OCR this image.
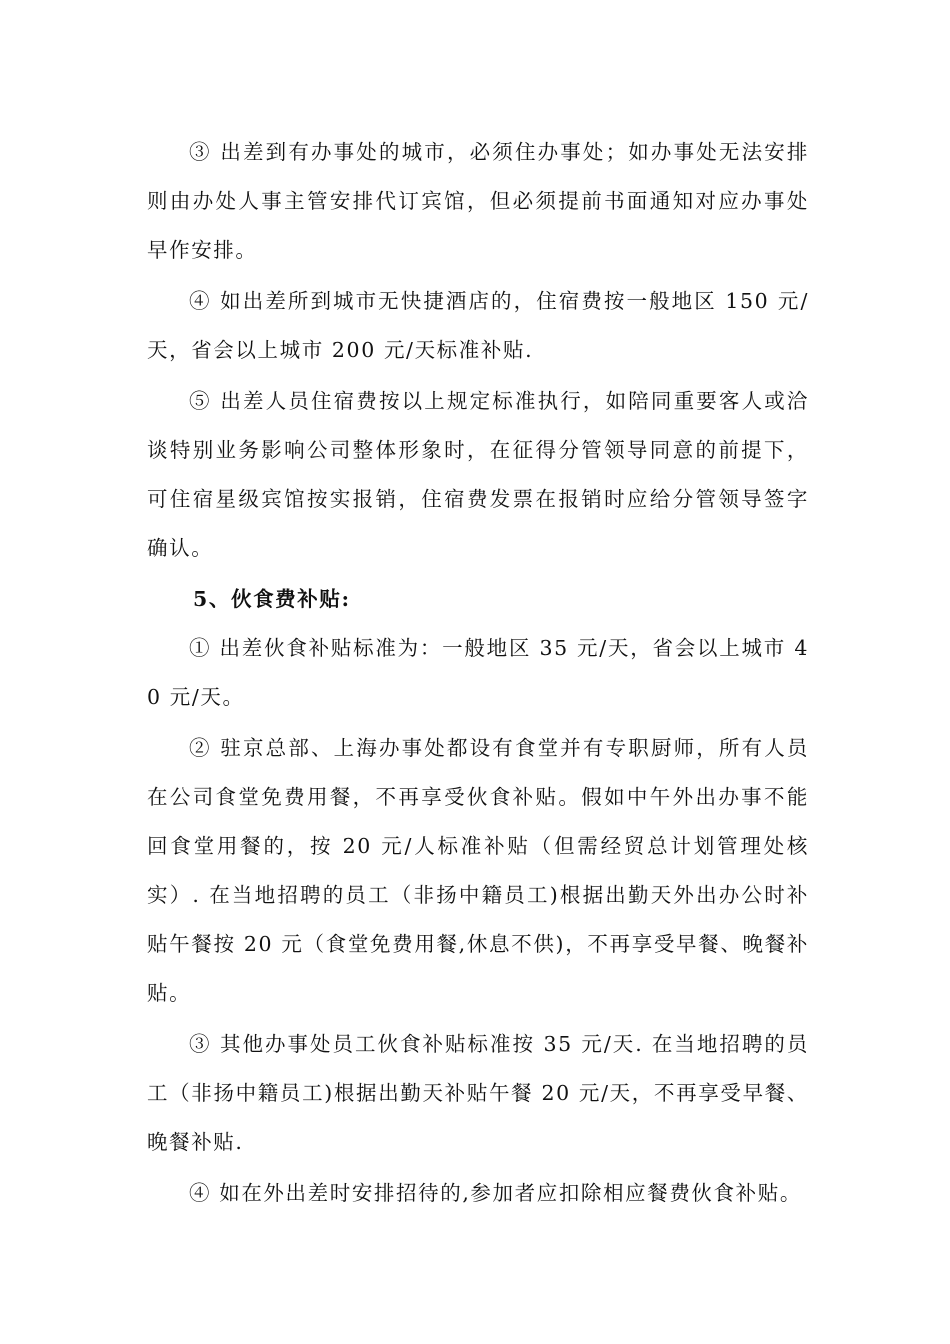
③ 出差到有办事处的城市，必须住办事处；如办事处无法安排则由办处人事主管安排代订宾馆，但必须提前书面通知对应办事处早作安排。

④ 如出差所到城市无快捷酒店的，住宿费按一般地区 150 元/天，省会以上城市 200 元/天标准补贴.

⑤ 出差人员住宿费按以上规定标准执行，如陪同重要客人或洽谈特别业务影响公司整体形象时，在征得分管领导同意的前提下，可住宿星级宾馆按实报销，住宿费发票在报销时应给分管领导签字确认。

5、伙食费补贴:

① 出差伙食补贴标准为：一般地区 35 元/天，省会以上城市 40 元/天。

② 驻京总部、上海办事处都设有食堂并有专职厨师，所有人员在公司食堂免费用餐，不再享受伙食补贴。假如中午外出办事不能回食堂用餐的，按 20 元/人标准补贴（但需经贸总计划管理处核实）. 在当地招聘的员工（非扬中籍员工)根据出勤天外出办公时补贴午餐按 20 元（食堂免费用餐,休息不供)，不再享受早餐、晚餐补贴。

③ 其他办事处员工伙食补贴标准按 35 元/天. 在当地招聘的员工（非扬中籍员工)根据出勤天补贴午餐 20 元/天，不再享受早餐、晚餐补贴.

④ 如在外出差时安排招待的,参加者应扣除相应餐费伙食补贴。
